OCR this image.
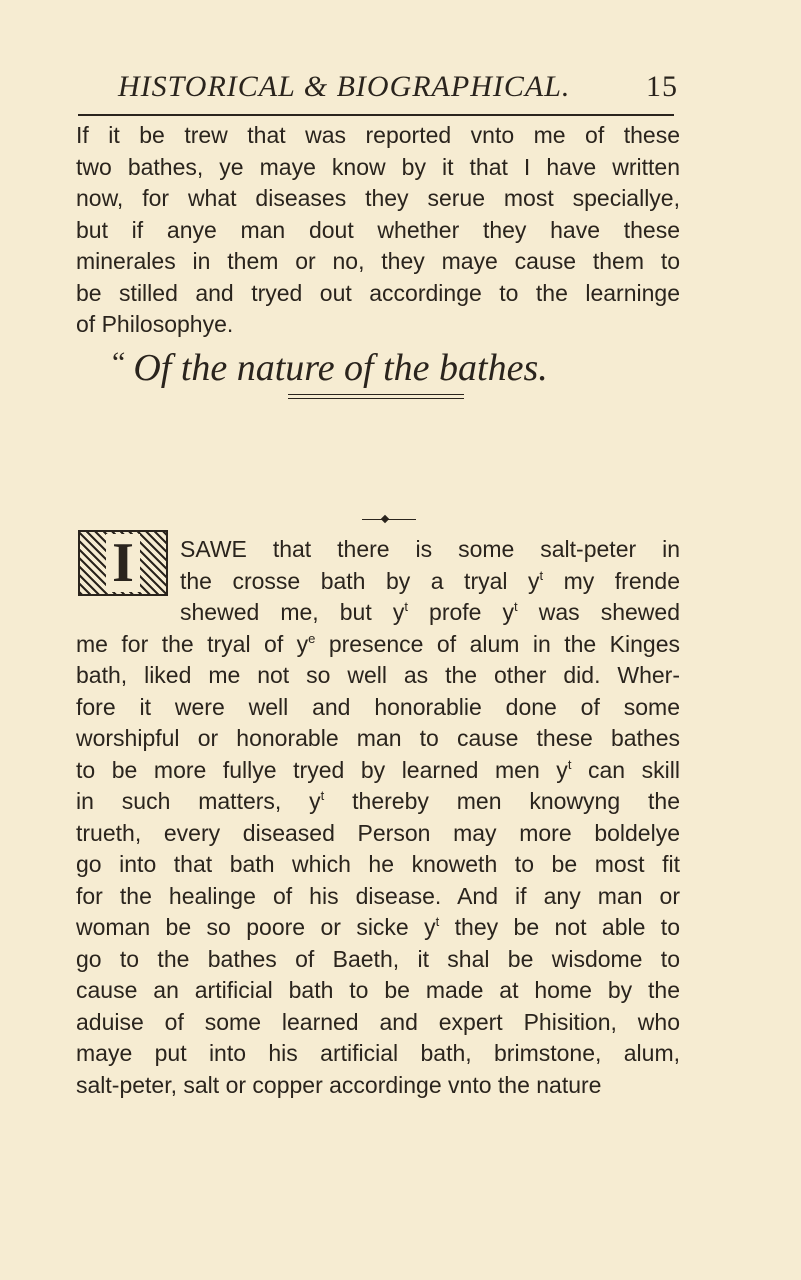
HISTORICAL & BIOGRAPHICAL.	15
If it be trew that was reported vnto me of these
two bathes, ye maye know by it that I have written
now, for what diseases they serue most speciallye,
but if anye man dout whether they have these
minerales in them or no, they maye cause them to
be stilled and tryed out accordinge to the learninge
of Philosophye.
“ Of the nature of the bathes.
I	SAWE that there is some salt-peter in
the crosse bath by a tryal $y^t$ my frende
shewed me, but $y^t$ profe $y^t$ was shewed
me for the tryal of $y^e$ presence of alum in the Kinges
bath, liked me not so well as the other did. Wher-
fore it were well and honorablie done of some
worshipful or honorable man to cause these bathes
to be more fullye tryed by learned men $y^t$ can skill
in such matters, $y^t$ thereby men knowyng the
trueth, every diseased Person may more boldelye
go into that bath which he knoweth to be most fit
for the healinge of his disease. And if any man or
woman be so poore or sicke $y^t$ they be not able to
go to the bathes of Baeth, it shal be wisdome to
cause an artificial bath to be made at home by the
aduise of some learned and expert Phisition, who
maye put into his artificial bath, brimstone, alum,
salt-peter, salt or copper accordinge vnto the nature
